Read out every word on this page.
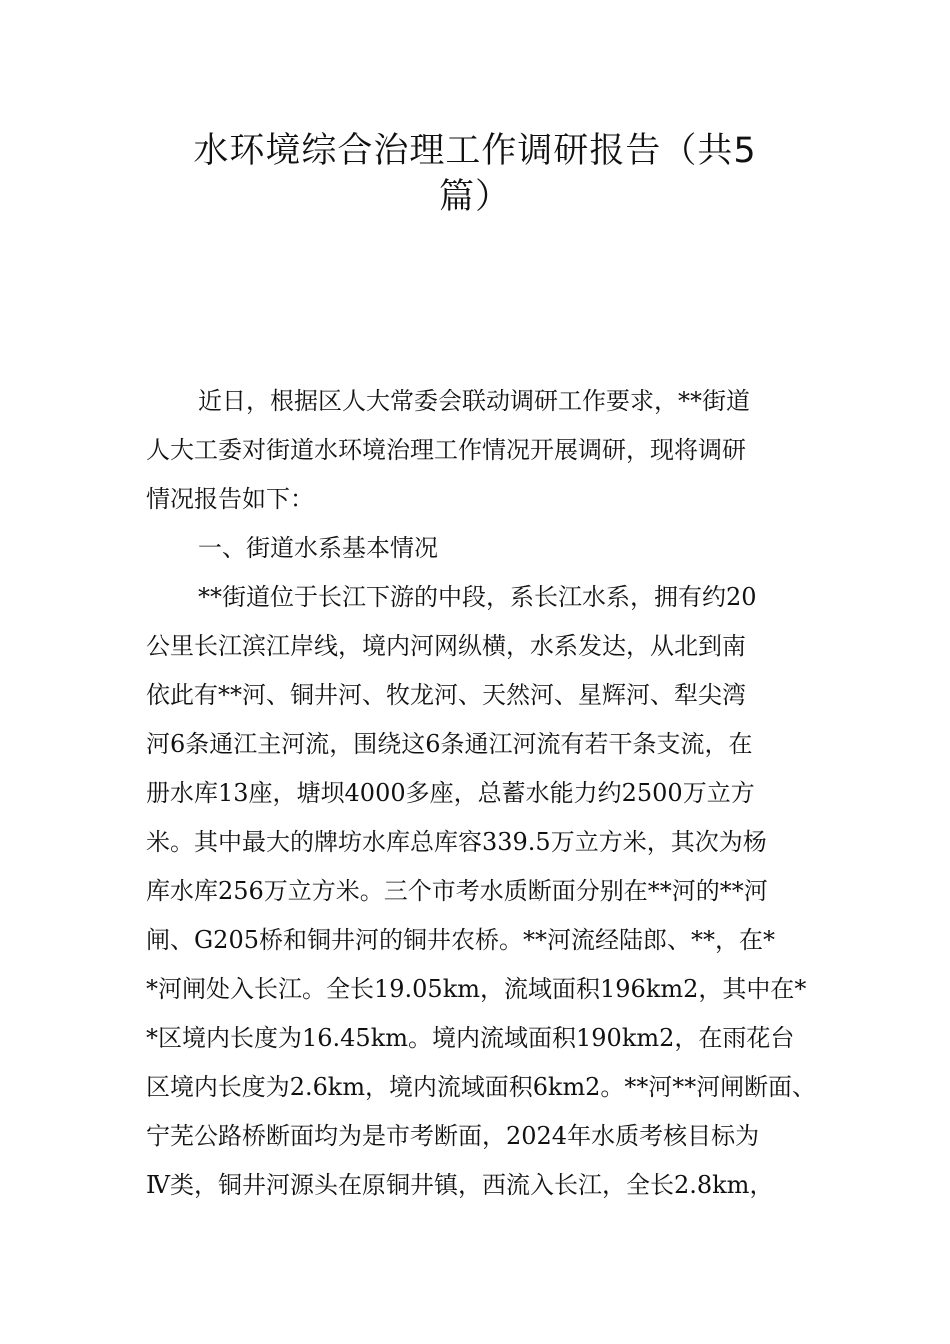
水环境综合治理工作调研报告（共5
篇）
近日，根据区人大常委会联动调研工作要求，**街道
人大工委对街道水环境治理工作情况开展调研，现将调研
情况报告如下：
一、街道水系基本情况
**街道位于长江下游的中段，系长江水系，拥有约20
公里长江滨江岸线，境内河网纵横，水系发达，从北到南
依此有**河、铜井河、牧龙河、天然河、星辉河、犁尖湾
河6条通江主河流，围绕这6条通江河流有若干条支流，在
册水库13座，塘坝4000多座，总蓄水能力约2500万立方
米。其中最大的牌坊水库总库容339.5万立方米，其次为杨
库水库256万立方米。三个市考水质断面分别在**河的**河
闸、G205桥和铜井河的铜井农桥。**河流经陆郎、**，在*
*河闸处入长江。全长19.05km，流域面积196km2，其中在*
*区境内长度为16.45km。境内流域面积190km2，在雨花台
区境内长度为2.6km，境内流域面积6km2。**河**河闸断面、
宁芜公路桥断面均为是市考断面，2024年水质考核目标为
Ⅳ类，铜井河源头在原铜井镇，西流入长江，全长2.8km，
